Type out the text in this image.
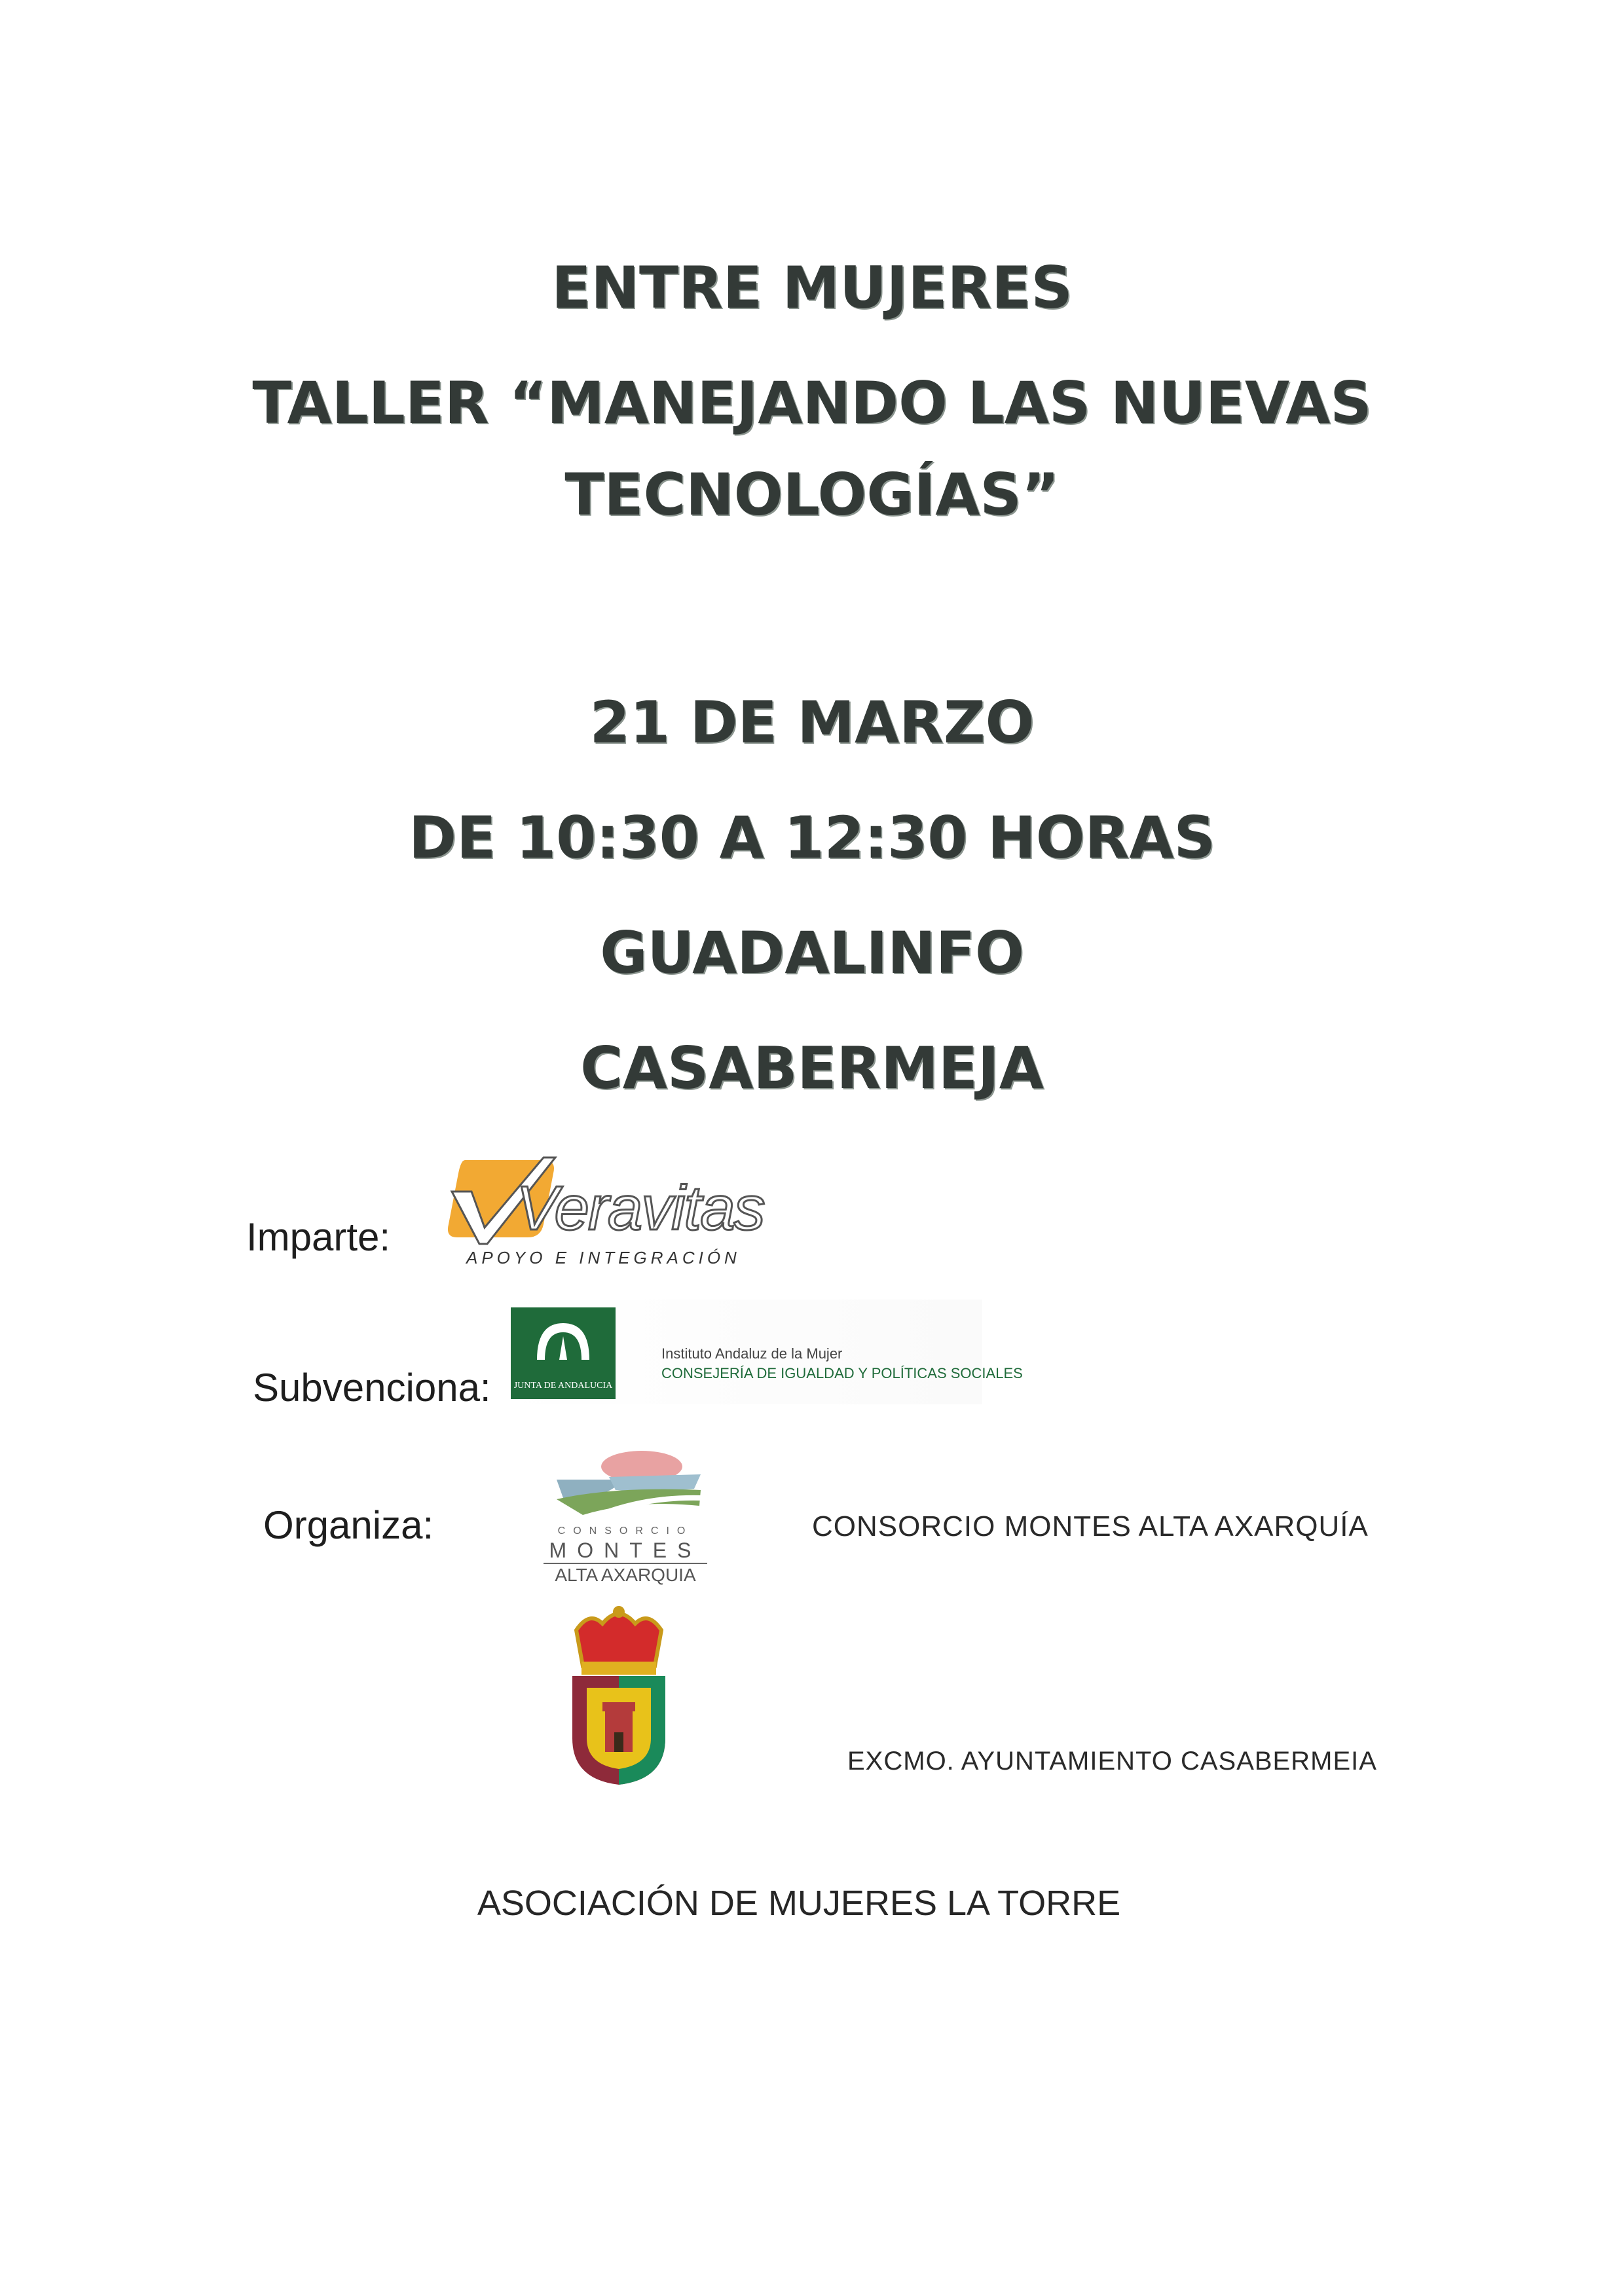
ENTRE MUJERES
TALLER “MANEJANDO LAS NUEVAS
TECNOLOGÍAS”
21 DE MARZO
DE 10:30 A 12:30 HORAS
GUADALINFO
CASABERMEJA
Imparte: Veravitas
APOYO E INTEGRACIÓN
Subvenciona:	JUNTA DE ANDALUCIA
Instituto Andaluz de la Mujer
CONSEJERÍA DE IGUALDAD Y POLÍTICAS SOCIALES
Organiza:	CONSORCIO
MONTES
ALTA AXARQUIA
CONSORCIO MONTES ALTA AXARQUÍA
EXCMO. AYUNTAMIENTO CASABERMEIA
ASOCIACIÓN DE MUJERES LA TORRE
